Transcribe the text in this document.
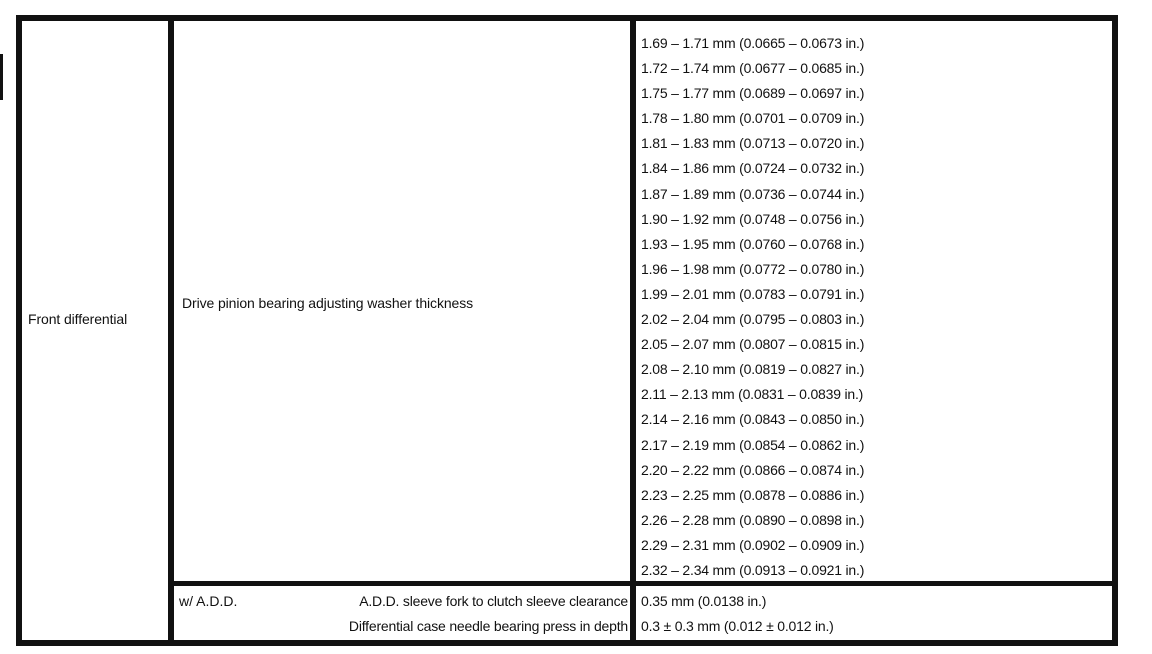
Front differential
Drive pinion bearing adjusting washer thickness
1.69 – 1.71 mm (0.0665 – 0.0673 in.)
1.72 – 1.74 mm (0.0677 – 0.0685 in.)
1.75 – 1.77 mm (0.0689 – 0.0697 in.)
1.78 – 1.80 mm (0.0701 – 0.0709 in.)
1.81 – 1.83 mm (0.0713 – 0.0720 in.)
1.84 – 1.86 mm (0.0724 – 0.0732 in.)
1.87 – 1.89 mm (0.0736 – 0.0744 in.)
1.90 – 1.92 mm (0.0748 – 0.0756 in.)
1.93 – 1.95 mm (0.0760 – 0.0768 in.)
1.96 – 1.98 mm (0.0772 – 0.0780 in.)
1.99 – 2.01 mm (0.0783 – 0.0791 in.)
2.02 – 2.04 mm (0.0795 – 0.0803 in.)
2.05 – 2.07 mm (0.0807 – 0.0815 in.)
2.08 – 2.10 mm (0.0819 – 0.0827 in.)
2.11 – 2.13 mm (0.0831 – 0.0839 in.)
2.14 – 2.16 mm (0.0843 – 0.0850 in.)
2.17 – 2.19 mm (0.0854 – 0.0862 in.)
2.20 – 2.22 mm (0.0866 – 0.0874 in.)
2.23 – 2.25 mm (0.0878 – 0.0886 in.)
2.26 – 2.28 mm (0.0890 – 0.0898 in.)
2.29 – 2.31 mm (0.0902 – 0.0909 in.)
2.32 – 2.34 mm (0.0913 – 0.0921 in.)
w/ A.D.D.	A.D.D. sleeve fork to clutch sleeve clearance
Differential case needle bearing press in depth
0.35 mm (0.0138 in.)
0.3 ± 0.3 mm (0.012 ± 0.012 in.)
